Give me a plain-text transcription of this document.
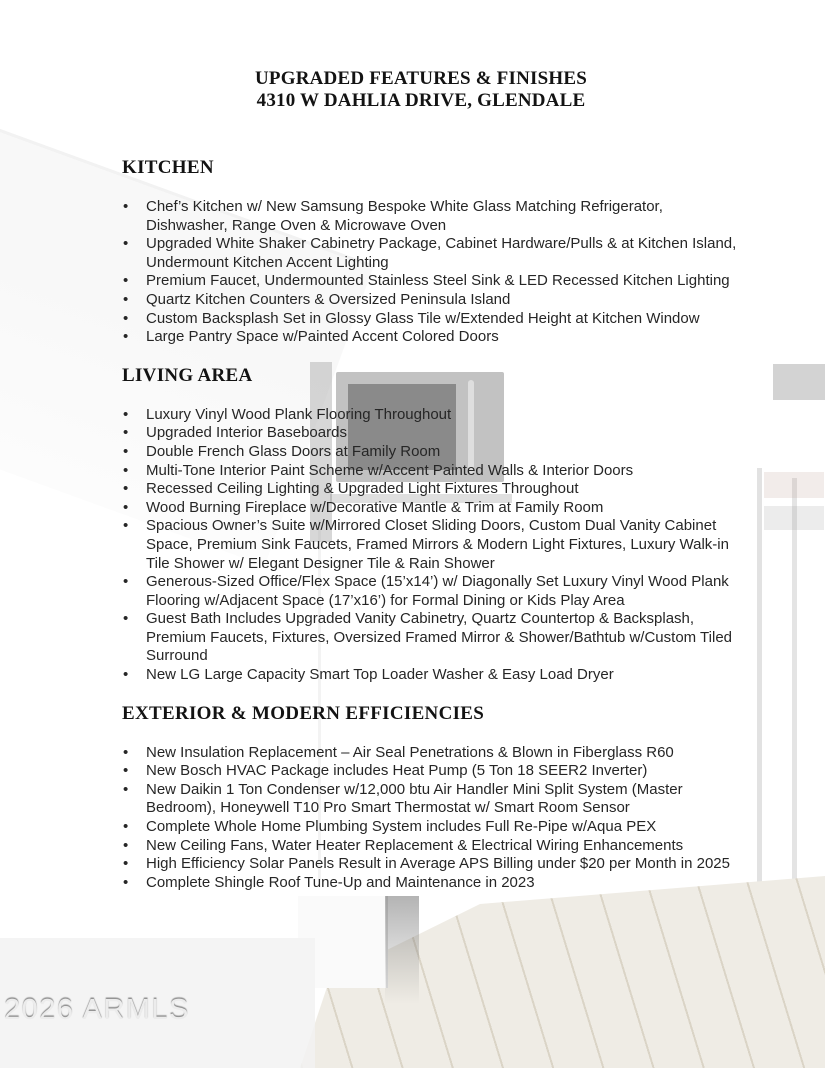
UPGRADED FEATURES & FINISHES
4310 W DAHLIA DRIVE, GLENDALE
KITCHEN
• Chef’s Kitchen w/ New Samsung Bespoke White Glass Matching Refrigerator, Dishwasher, Range Oven & Microwave Oven
• Upgraded White Shaker Cabinetry Package, Cabinet Hardware/Pulls & at Kitchen Island, Undermount Kitchen Accent Lighting
• Premium Faucet, Undermounted Stainless Steel Sink & LED Recessed Kitchen Lighting
• Quartz Kitchen Counters & Oversized Peninsula Island
• Custom Backsplash Set in Glossy Glass Tile w/Extended Height at Kitchen Window
• Large Pantry Space w/Painted Accent Colored Doors
LIVING AREA
• Luxury Vinyl Wood Plank Flooring Throughout
• Upgraded Interior Baseboards
• Double French Glass Doors at Family Room
• Multi-Tone Interior Paint Scheme w/Accent Painted Walls & Interior Doors
• Recessed Ceiling Lighting & Upgraded Light Fixtures Throughout
• Wood Burning Fireplace w/Decorative Mantle & Trim at Family Room
• Spacious Owner’s Suite w/Mirrored Closet Sliding Doors, Custom Dual Vanity Cabinet Space, Premium Sink Faucets, Framed Mirrors & Modern Light Fixtures, Luxury Walk-in Tile Shower w/ Elegant Designer Tile & Rain Shower
• Generous-Sized Office/Flex Space (15’x14’) w/ Diagonally Set Luxury Vinyl Wood Plank Flooring w/Adjacent Space (17’x16’) for Formal Dining or Kids Play Area
• Guest Bath Includes Upgraded Vanity Cabinetry, Quartz Countertop & Backsplash, Premium Faucets, Fixtures, Oversized Framed Mirror & Shower/Bathtub w/Custom Tiled Surround
• New LG Large Capacity Smart Top Loader Washer & Easy Load Dryer
EXTERIOR & MODERN EFFICIENCIES
• New Insulation Replacement – Air Seal Penetrations & Blown in Fiberglass R60
• New Bosch HVAC Package includes Heat Pump (5 Ton 18 SEER2 Inverter)
• New Daikin 1 Ton Condenser w/12,000 btu Air Handler Mini Split System (Master Bedroom), Honeywell T10 Pro Smart Thermostat w/ Smart Room Sensor
• Complete Whole Home Plumbing System includes Full Re-Pipe w/Aqua PEX
• New Ceiling Fans, Water Heater Replacement & Electrical Wiring Enhancements
• High Efficiency Solar Panels Result in Average APS Billing under $20 per Month in 2025
• Complete Shingle Roof Tune-Up and Maintenance in 2023
2026 ARMLS
